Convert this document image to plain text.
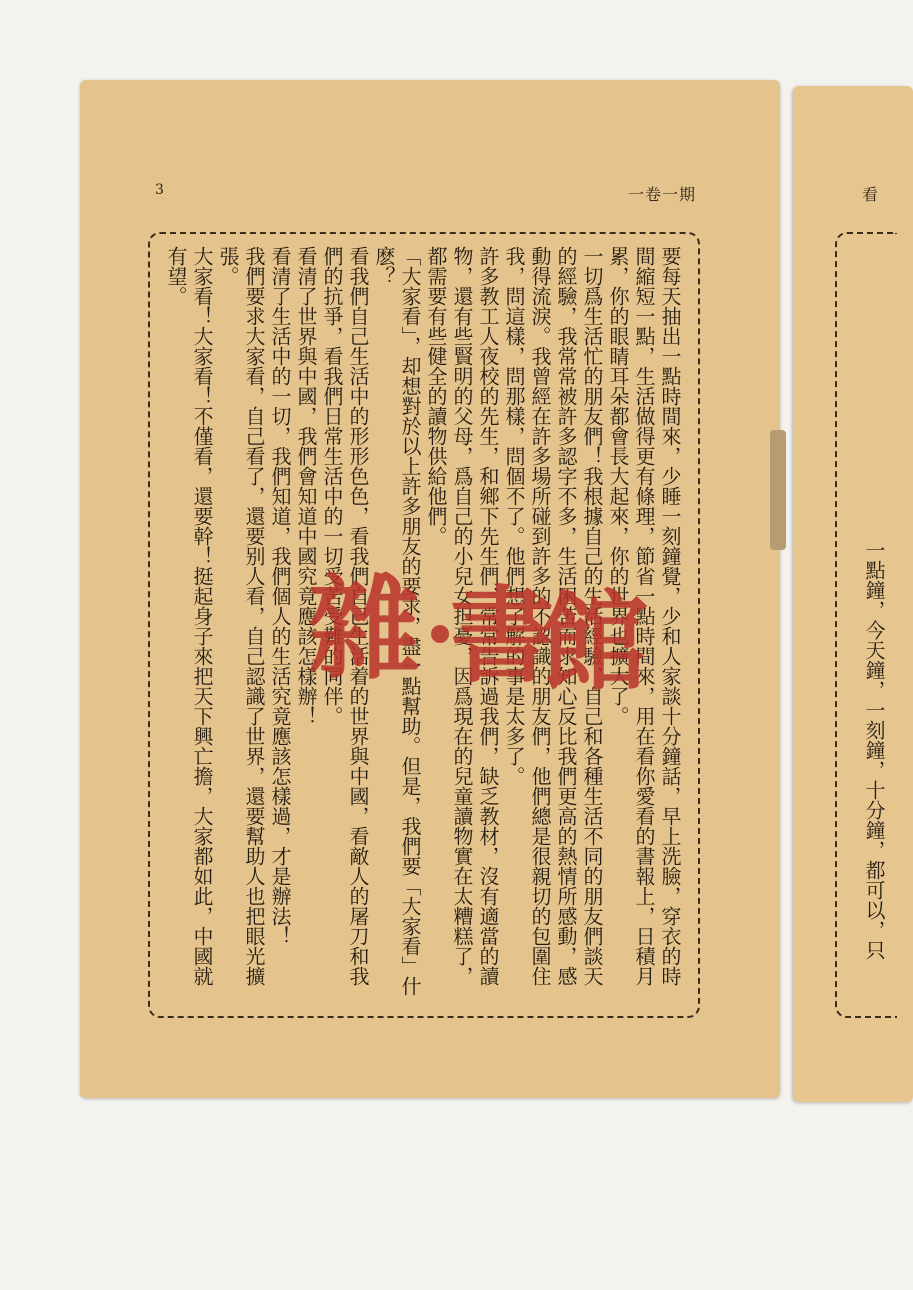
3	一卷一期

要每天抽出一點時間來，少睡一刻鐘覺，少和人家談十分鐘話，早上洗臉，穿衣的時間縮短一點，生活做得更有條理，節省一點時間來，用在看你愛看的書報上，日積月累，你的眼睛耳朵都會長大起來，你的世界也擴大了。

一切爲生活忙的朋友們！我根據自己的生活經驗，自己和各種生活不同的朋友們談天的經驗，我常常被許多認字不多，生活困苦而求知心反比我們更高的熱情所感動，感動得流淚。我曾經在許多場所碰到許多的不認識的朋友們，他們總是很親切的包圍住我，問這樣，問那樣，問個不了。他們想了解的事是太多了。

許多教工人夜校的先生，和鄉下先生們，常常告訴過我們，缺乏教材，沒有適當的讀物，還有些賢明的父母，爲自己的小兒女担憂，因爲現在的兒童讀物實在太糟糕了，都需要有些健全的讀物供給他們。

「大家看」，却想對於以上許多朋友的要求，盡一點幫助。但是，我們要「大家看」什麽？

看我們自己生活中的形形色色，看我們自己生活着的世界與中國，看敵人的屠刀和我們的抗爭，看我們日常生活中的一切受苦受難的同伴。

看清了世界與中國，我們會知道中國究竟應該怎樣辦！

看清了生活中的一切，我們知道，我們個人的生活究竟應該怎樣過，才是辦法！

我們要求大家看，自己看了，還要别人看，自己認識了世界，還要幫助人也把眼光擴張。

大家看！大家看！不僅看，還要幹！挺起身子來把天下興亡擔，大家都如此，中國就有望。

看
一點鐘，今天鐘，一刻鐘，十分鐘，都可以，只
雜 書
館
